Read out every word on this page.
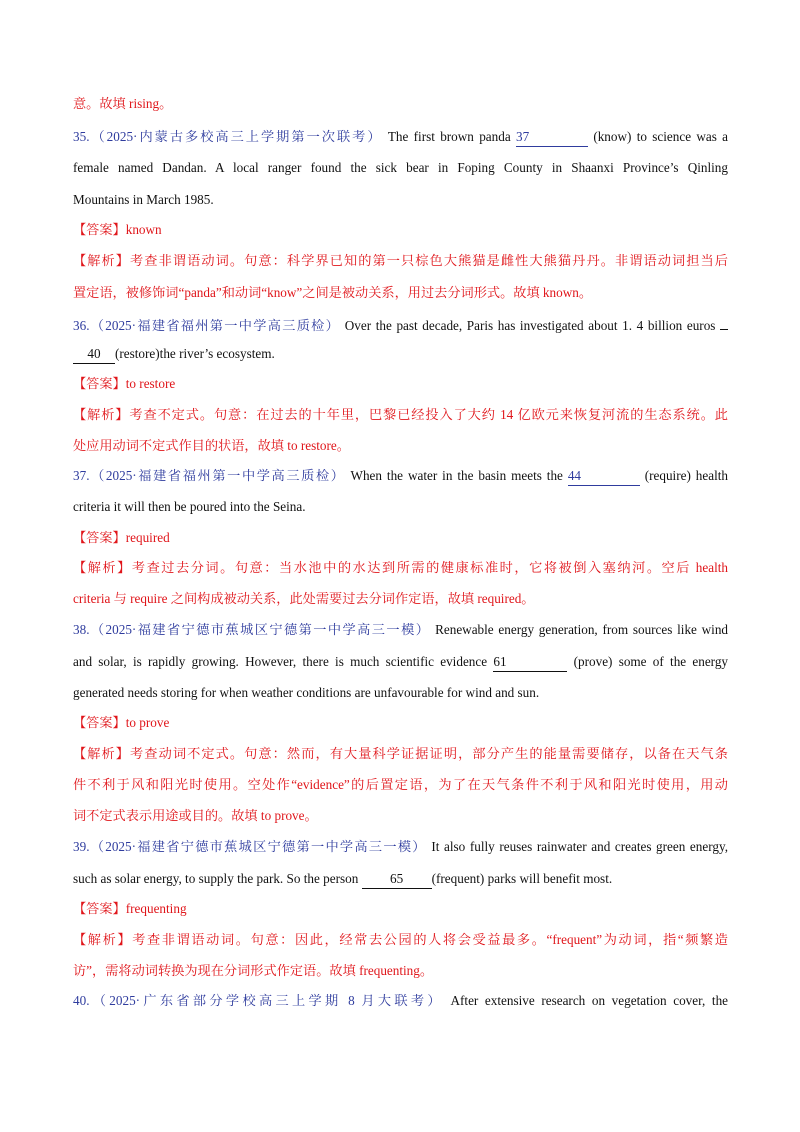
意。故填 rising。
35.（2025·内蒙古多校高三上学期第一次联考） The first brown panda 37	(know) to science was a
female named Dandan. A local ranger found the sick bear in Foping County in Shaanxi Province’s Qinling
Mountains in March 1985.
【答案】known
【解析】考查非谓语动词。句意：科学界已知的第一只棕色大熊猫是雌性大熊猫丹丹。非谓语动词担当后
置定语，被修饰词“panda”和动词“know”之间是被动关系，用过去分词形式。故填 known。
36.（2025·福建省福州第一中学高三质检） Over the past decade, Paris has investigated about 1. 4 billion euros
40 (restore)the river’s ecosystem.
【答案】to restore
【解析】考查不定式。句意：在过去的十年里，巴黎已经投入了大约 14 亿欧元来恢复河流的生态系统。此
处应用动词不定式作目的状语，故填 to restore。
37.（2025·福建省福州第一中学高三质检） When the water in the basin meets the 44	(require) health
criteria it will then be poured into the Seina.
【答案】required
【解析】考查过去分词。句意：当水池中的水达到所需的健康标准时，它将被倒入塞纳河。空后 health
criteria 与 require 之间构成被动关系，此处需要过去分词作定语，故填 required。
38.（2025·福建省宁德市蕉城区宁德第一中学高三一模） Renewable energy generation, from sources like wind
and solar, is rapidly growing. However, there is much scientific evidence 61	(prove) some of the energy
generated needs storing for when weather conditions are unfavourable for wind and sun.
【答案】to prove
【解析】考查动词不定式。句意：然而，有大量科学证据证明，部分产生的能量需要储存，以备在天气条
件不利于风和阳光时使用。空处作“evidence”的后置定语，为了在天气条件不利于风和阳光时使用，用动
词不定式表示用途或目的。故填 to prove。
39.（2025·福建省宁德市蕉城区宁德第一中学高三一模） It also fully reuses rainwater and creates green energy,
such as solar energy, to supply the park. So the person 65 (frequent) parks will benefit most.
【答案】frequenting
【解析】考查非谓语动词。句意：因此，经常去公园的人将会受益最多。“frequent”为动词，指“频繁造
访”，需将动词转换为现在分词形式作定语。故填 frequenting。
40.（2025·广东省部分学校高三上学期 8 月大联考） After extensive research on vegetation cover, the
